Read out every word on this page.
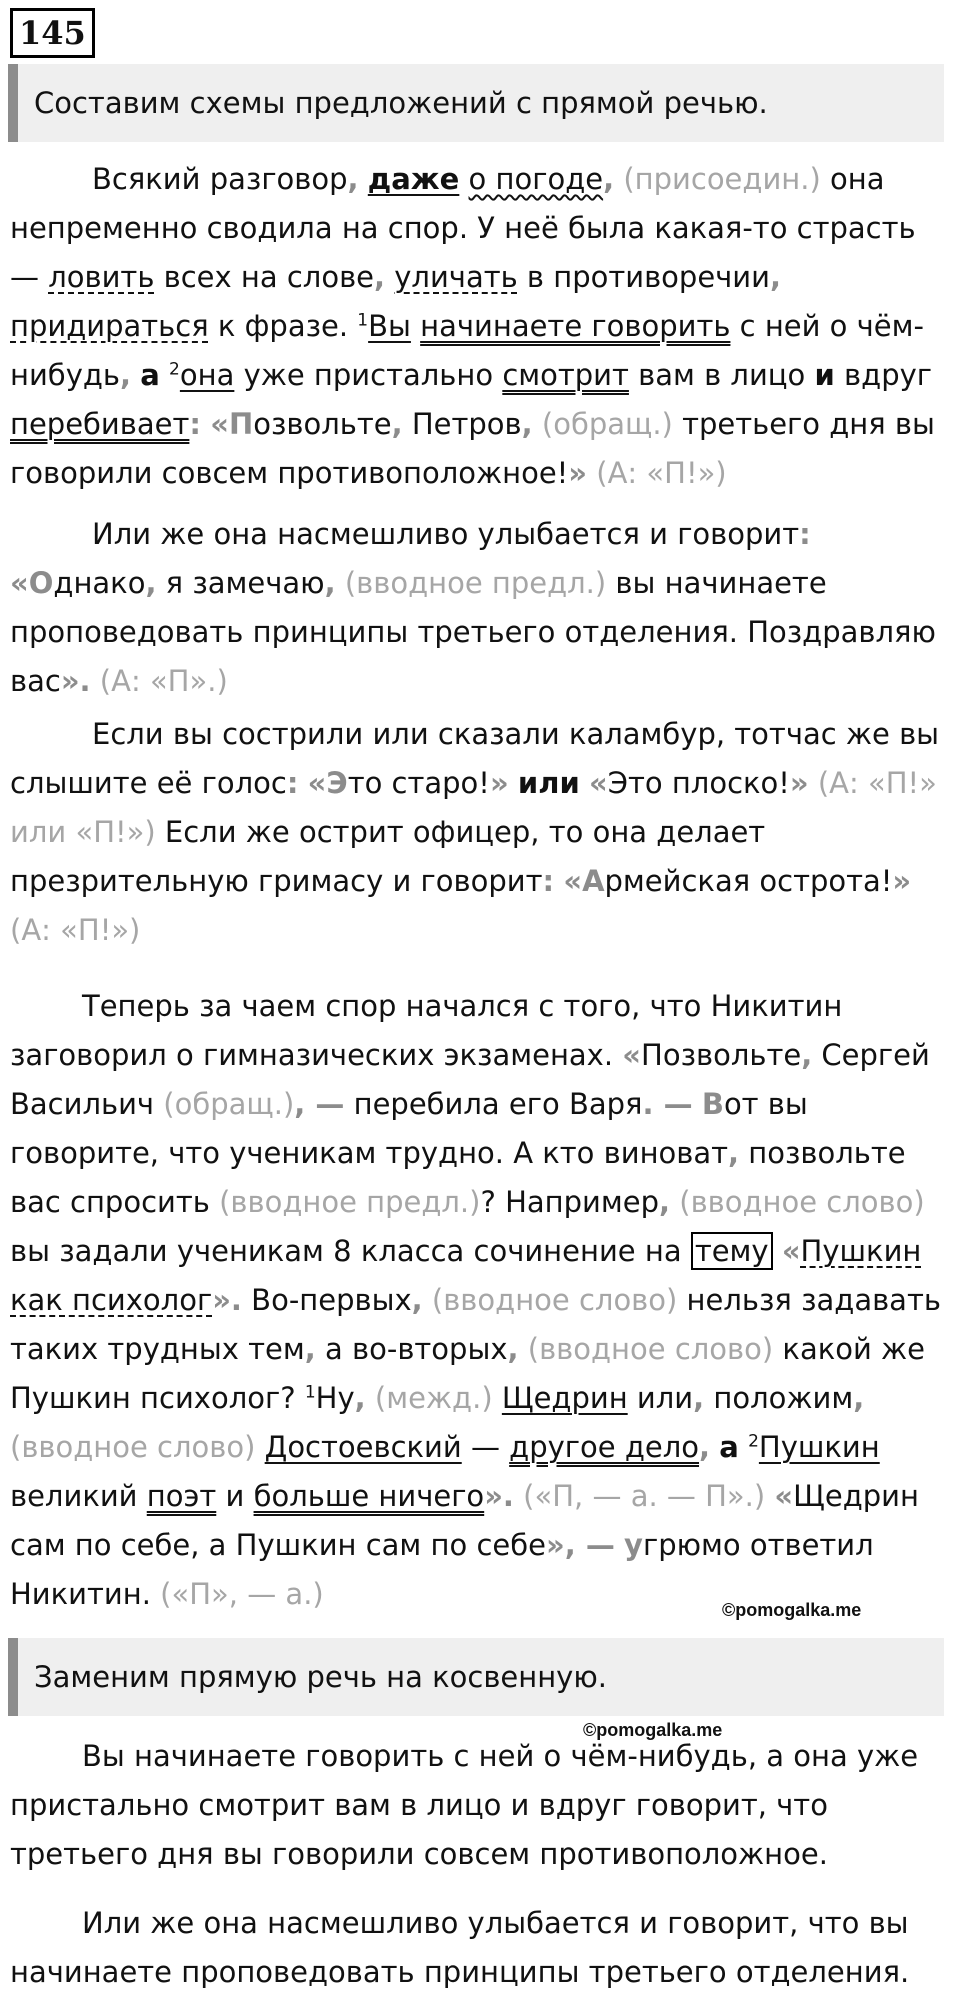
145
Составим схемы предложений с прямой речью.

Всякий разговор, даже о погоде, (присоедин.) она непременно сводила на спор. У неё была какая-то страсть — ловить всех на слове, уличать в противоречии, придираться к фразе. $^1$Вы начинаете говорить с ней о чём-нибудь, а $^2$она уже пристально смотрит вам в лицо и вдруг перебивает: «Позвольте, Петров, (обращ.) третьего дня вы говорили совсем противоположное!» (А: «П!»)

Или же она насмешливо улыбается и говорит: «Однако, я замечаю, (вводное предл.) вы начинаете проповедовать принципы третьего отделения. Поздравляю вас». (А: «П».)

Если вы сострили или сказали каламбур, тотчас же вы слышите её голос: «Это старо!» или «Это плоско!» (А: «П!» или «П!») Если же острит офицер, то она делает презрительную гримасу и говорит: «Армейская острота!» (А: «П!»)

Теперь за чаем спор начался с того, что Никитин заговорил о гимназических экзаменах. «Позвольте, Сергей Васильич (обращ.), — перебила его Варя. — Вот вы говорите, что ученикам трудно. А кто виноват, позвольте вас спросить (вводное предл.)? Например, (вводное слово) вы задали ученикам 8 класса сочинение на тему «Пушкин как психолог». Во-первых, (вводное слово) нельзя задавать таких трудных тем, а во-вторых, (вводное слово) какой же Пушкин психолог? $^1$Ну, (межд.) Щедрин или, положим, (вводное слово) Достоевский — другое дело, а $^2$Пушкин великий поэт и больше ничего». («П, — а. — П».) «Щедрин сам по себе, а Пушкин сам по себе», — угрюмо ответил Никитин. («П», — а.)	©pomogalka.me
Заменим прямую речь на косвенную.
©pomogalka.me

Вы начинаете говорить с ней о чём-нибудь, а она уже пристально смотрит вам в лицо и вдруг говорит, что третьего дня вы говорили совсем противоположное.

Или же она насмешливо улыбается и говорит, что вы начинаете проповедовать принципы третьего отделения.
